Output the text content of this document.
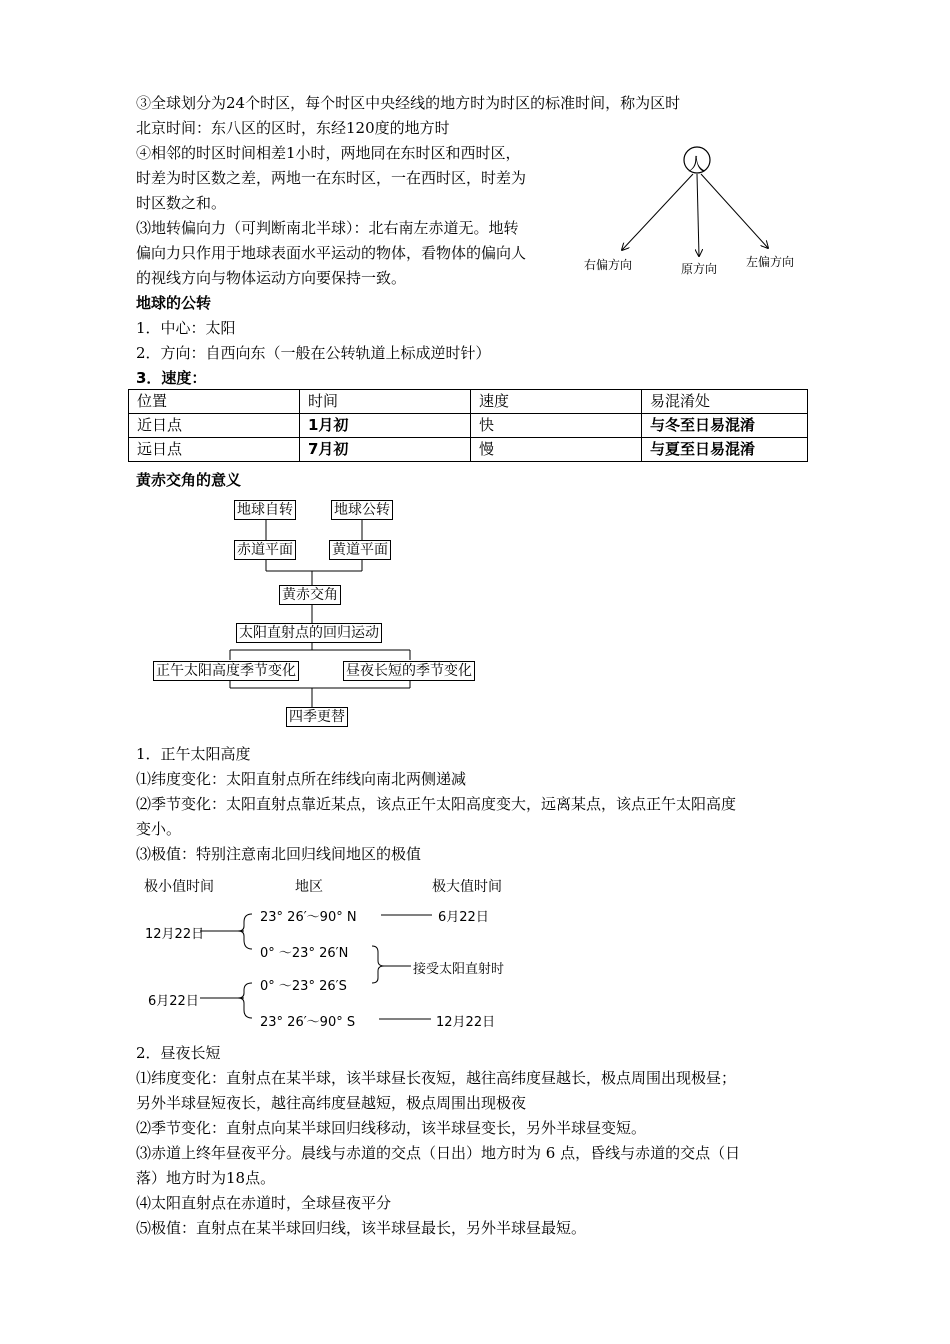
③全球划分为24个时区，每个时区中央经线的地方时为时区的标准时间，称为区时
北京时间：东八区的区时，东经120度的地方时
④相邻的时区时间相差1小时，两地同在东时区和西时区，
时差为时区数之差，两地一在东时区，一在西时区，时差为
时区数之和。
⑶地转偏向力（可判断南北半球）：北右南左赤道无。地转
偏向力只作用于地球表面水平运动的物体，看物体的偏向人
的视线方向与物体运动方向要保持一致。
人
右偏方向	原方向 左偏方向
地球的公转
1．中心：太阳
2．方向：自西向东（一般在公转轨道上标成逆时针）
3．速度：
位置	时间	速度	易混淆处
近日点	1月初	快	与冬至日易混淆
远日点	7月初	慢	与夏至日易混淆
黄赤交角的意义
地球自转	地球公转
赤道平面	黄道平面
黄赤交角
太阳直射点的回归运动
正午太阳高度季节变化	昼夜长短的季节变化
四季更替
1．正午太阳高度
⑴纬度变化：太阳直射点所在纬线向南北两侧递减
⑵季节变化：太阳直射点靠近某点，该点正午太阳高度变大，远离某点，该点正午太阳高度
变小。
⑶极值：特别注意南北回归线间地区的极值
极小值时间	地区	极大值时间
12月22日
6月22日
23° 26′～90° N
0° ～23° 26′N
0° ～23° 26′S
23° 26′～90° S
6月22日
接受太阳直射时
12月22日
2．昼夜长短
⑴纬度变化：直射点在某半球，该半球昼长夜短，越往高纬度昼越长，极点周围出现极昼；
另外半球昼短夜长，越往高纬度昼越短，极点周围出现极夜
⑵季节变化：直射点向某半球回归线移动，该半球昼变长，另外半球昼变短。
⑶赤道上终年昼夜平分。晨线与赤道的交点（日出）地方时为 6 点，昏线与赤道的交点（日
落）地方时为18点。
⑷太阳直射点在赤道时，全球昼夜平分
⑸极值：直射点在某半球回归线，该半球昼最长，另外半球昼最短。
